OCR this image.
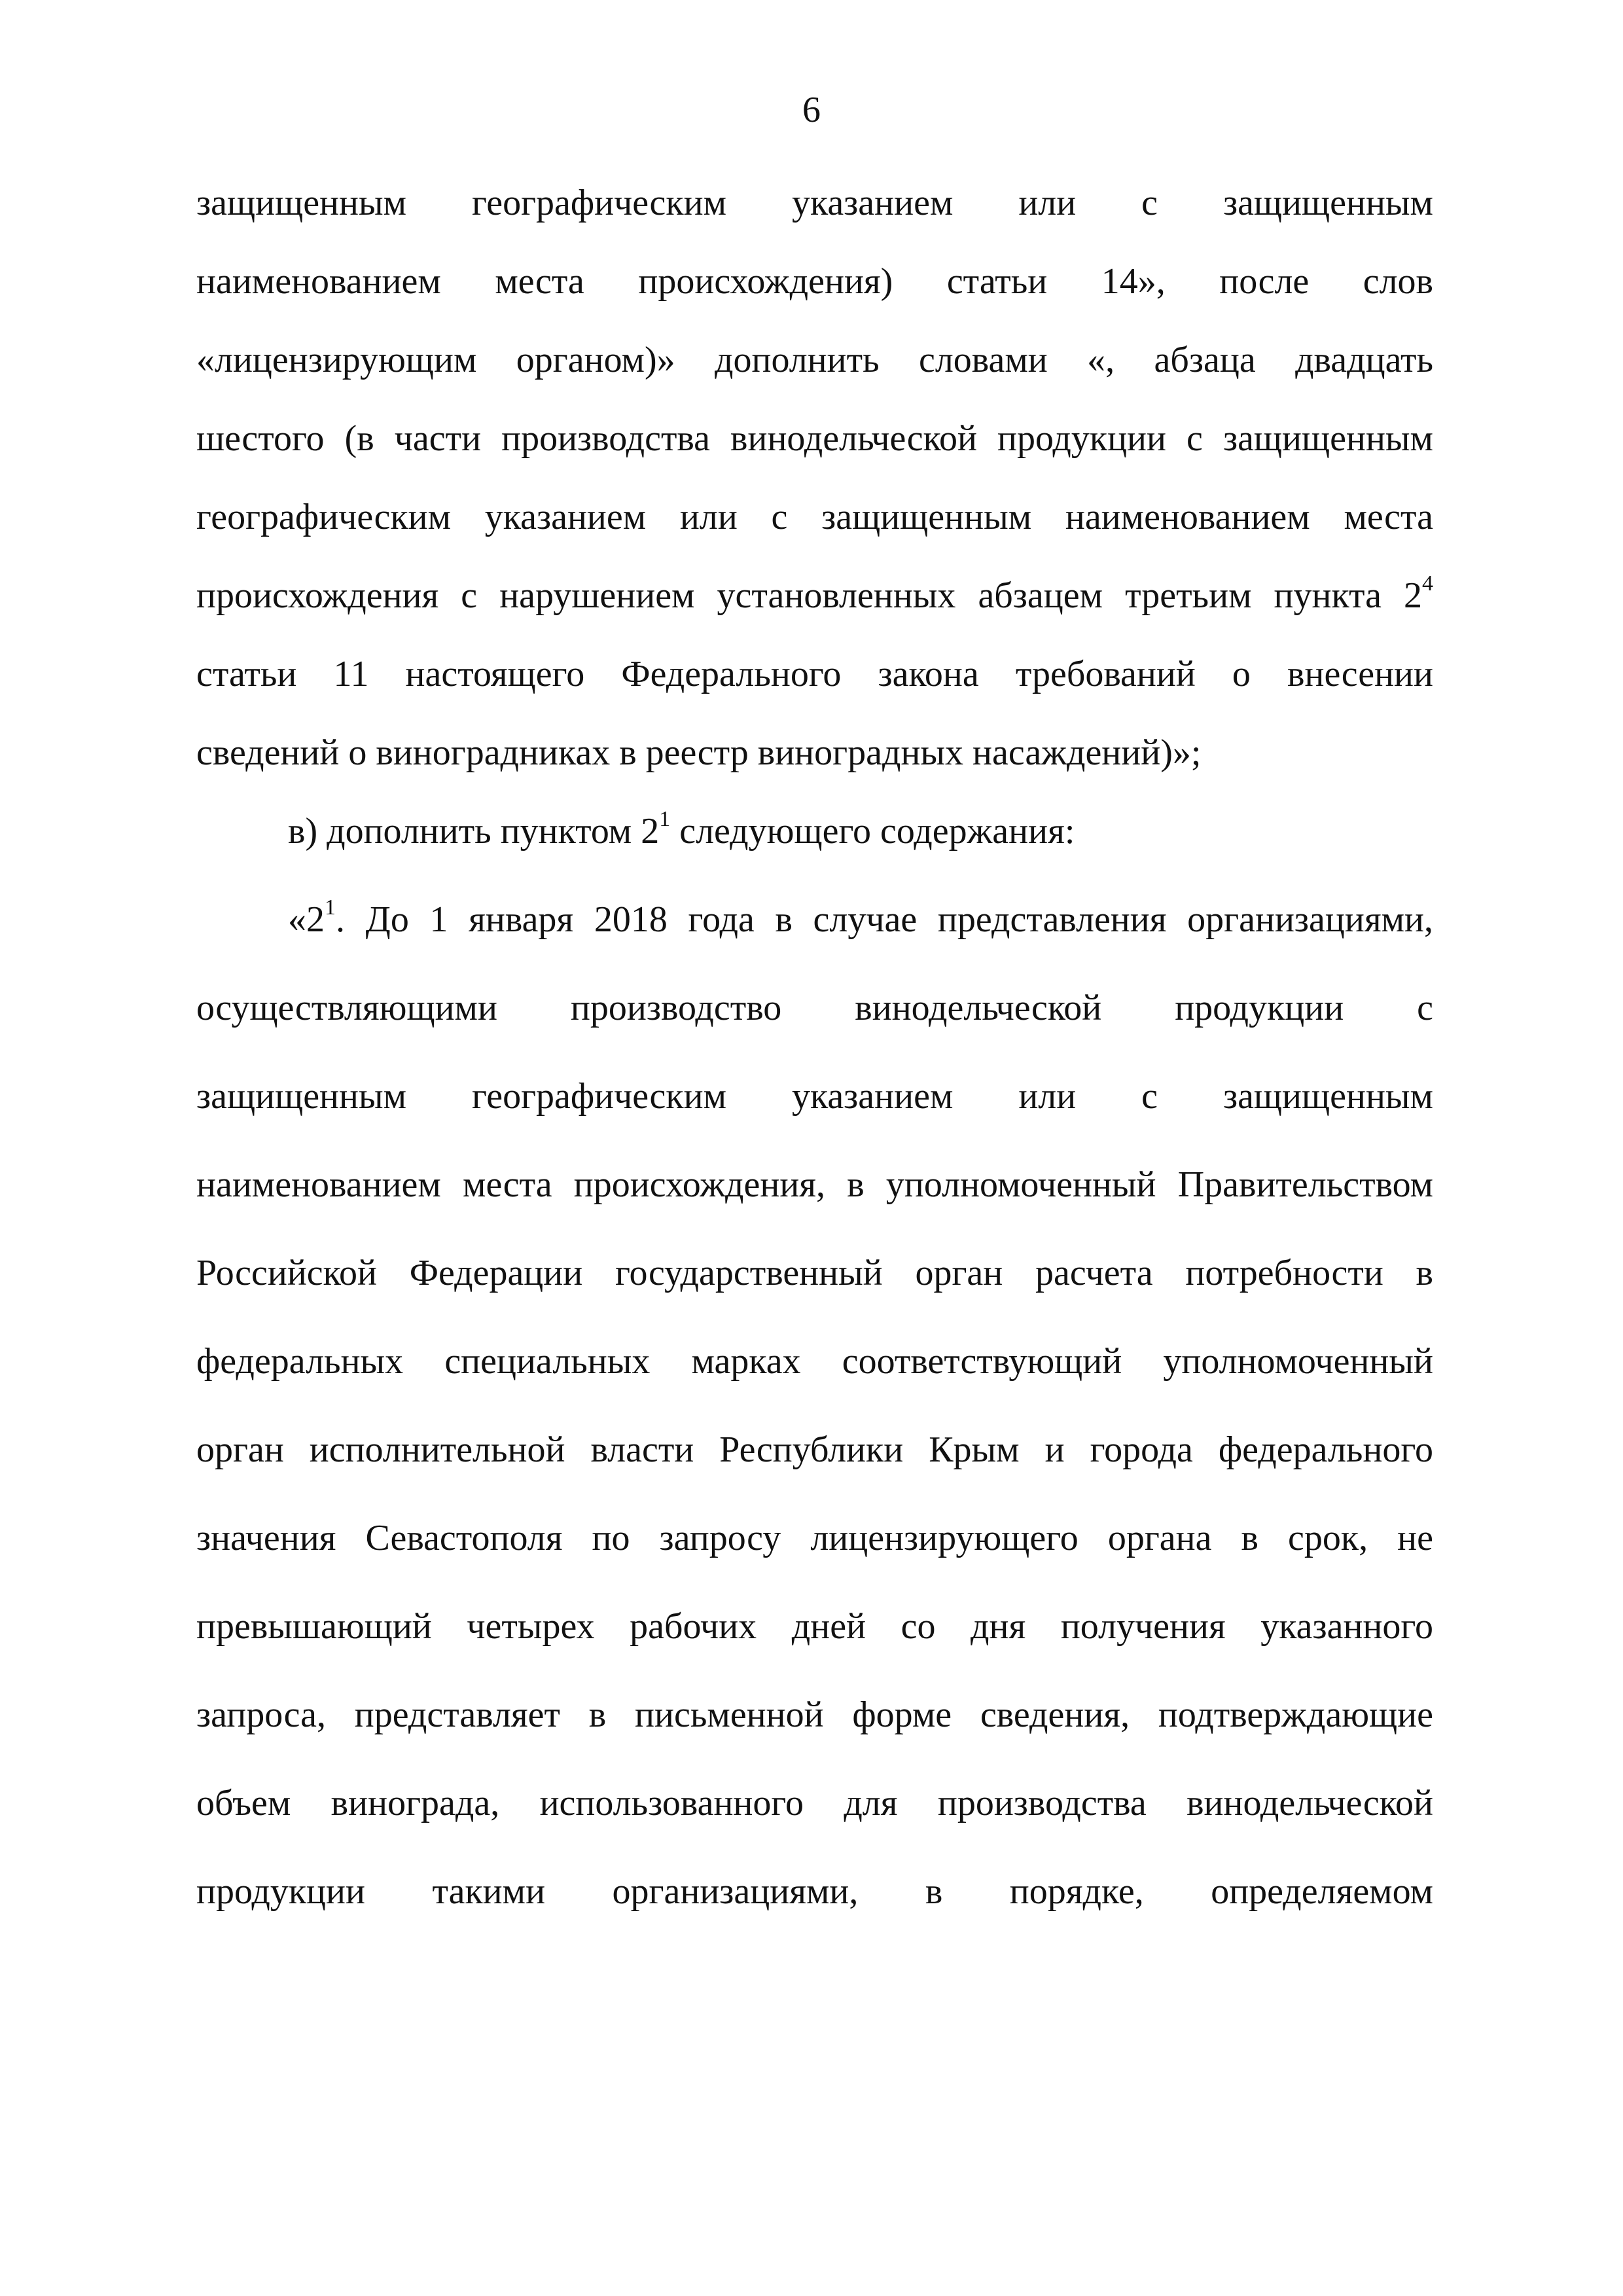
6
защищенным географическим указанием или с защищенным
наименованием места происхождения) статьи 14», после слов
«лицензирующим органом)» дополнить словами «, абзаца двадцать
шестого (в части производства винодельческой продукции с защищенным
географическим указанием или с защищенным наименованием места
происхождения с нарушением установленных абзацем третьим пункта $2^4$
статьи 11 настоящего Федерального закона требований о внесении
сведений о виноградниках в реестр виноградных насаждений)»;
в) дополнить пунктом $2^1$ следующего содержания:
«$2^1$. До 1 января 2018 года в случае представления организациями,
осуществляющими производство винодельческой продукции с
защищенным географическим указанием или с защищенным
наименованием места происхождения, в уполномоченный Правительством
Российской Федерации государственный орган расчета потребности в
федеральных специальных марках соответствующий уполномоченный
орган исполнительной власти Республики Крым и города федерального
значения Севастополя по запросу лицензирующего органа в срок, не
превышающий четырех рабочих дней со дня получения указанного
запроса, представляет в письменной форме сведения, подтверждающие
объем винограда, использованного для производства винодельческой
продукции такими организациями, в порядке, определяемом
